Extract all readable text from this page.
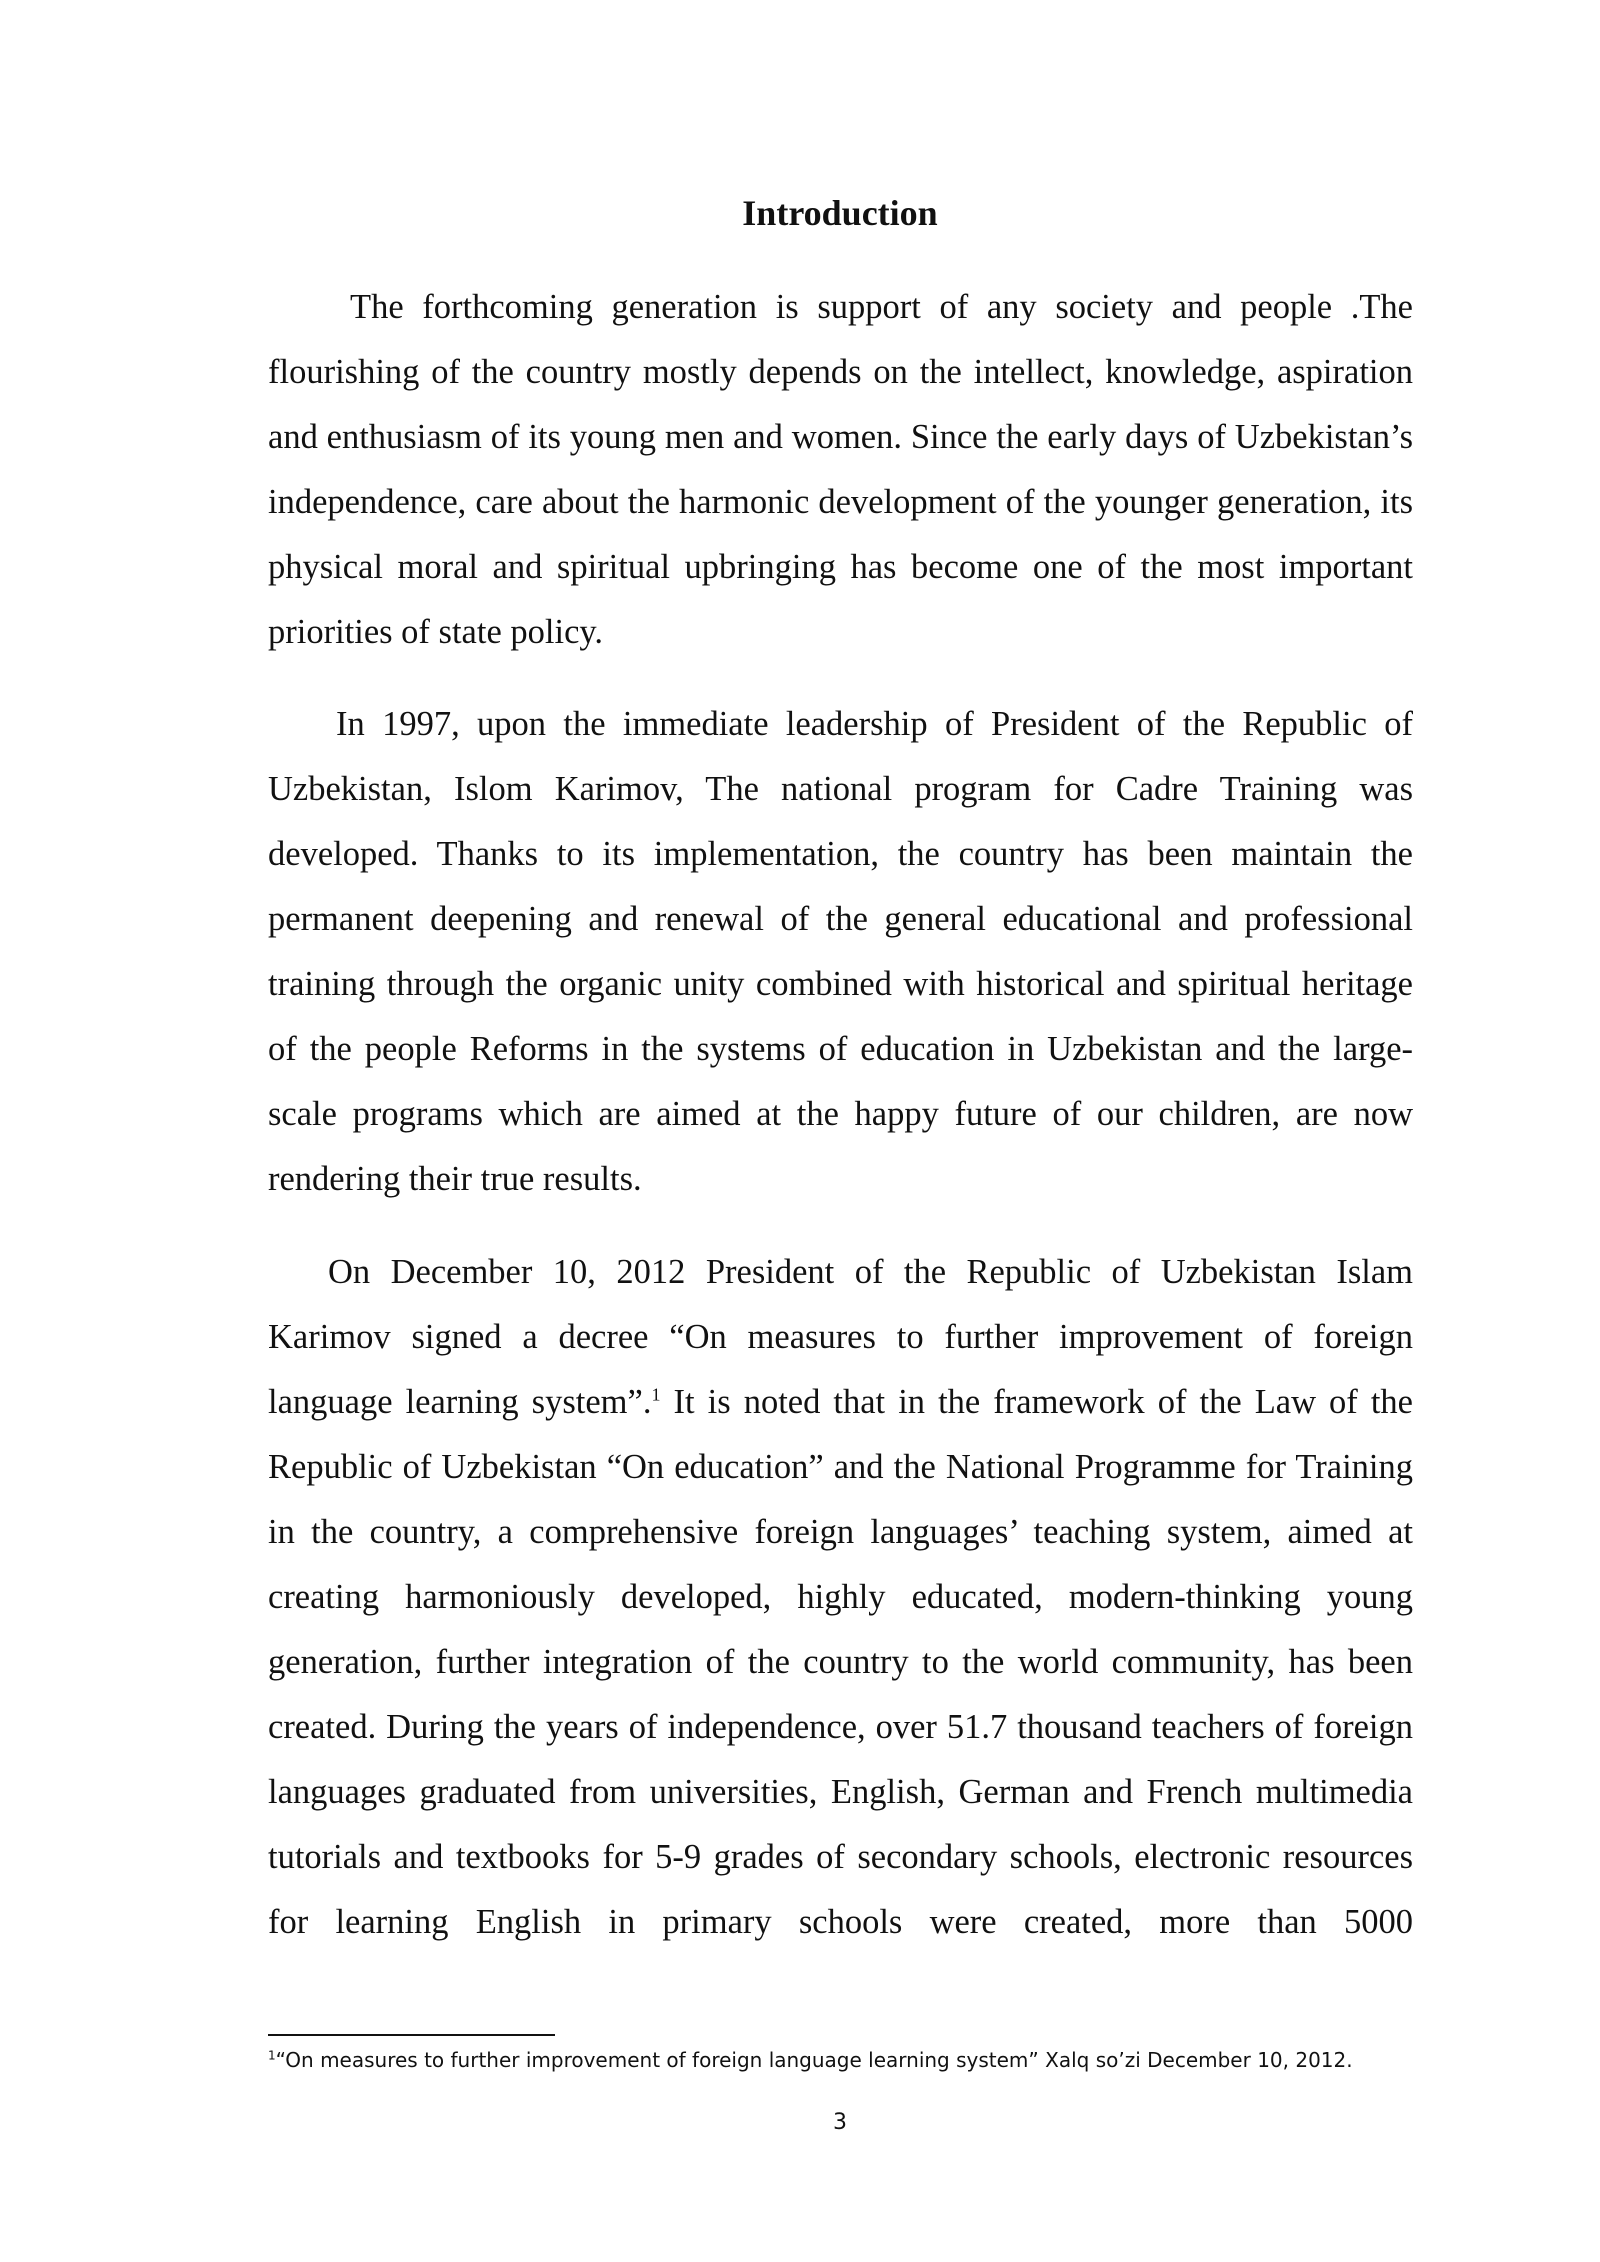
Introduction

The forthcoming generation is support of any society and people .The flourishing of the country mostly depends on the intellect, knowledge, aspiration and enthusiasm of its young men and women. Since the early days of Uzbekistan’s independence, care about the harmonic development of the younger generation, its physical moral and spiritual upbringing has become one of the most important priorities of state policy.

In 1997, upon the immediate leadership of President of the Republic of Uzbekistan, Islom Karimov, The national program for Cadre Training was developed. Thanks to its implementation, the country has been maintain the permanent deepening and renewal of the general educational and professional training through the organic unity combined with historical and spiritual heritage of the people Reforms in the systems of education in Uzbekistan and the large- scale programs which are aimed at the happy future of our children, are now rendering their true results.

On December 10, 2012 President of the Republic of Uzbekistan Islam Karimov signed a decree “On measures to further improvement of foreign language learning system”.$^1$ It is noted that in the framework of the Law of the Republic of Uzbekistan “On education” and the National Programme for Training in the country, a comprehensive foreign languages’ teaching system, aimed at creating harmoniously developed, highly educated, modern-thinking young generation, further integration of the country to the world community, has been created. During the years of independence, over 51.7 thousand teachers of foreign languages graduated from universities, English, German and French multimedia tutorials and textbooks for 5-9 grades of secondary schools, electronic resources for learning English in primary schools were created, more than 5000

$^1$“On measures to further improvement of foreign language learning system” Xalq so’zi December 10, 2012.
3
